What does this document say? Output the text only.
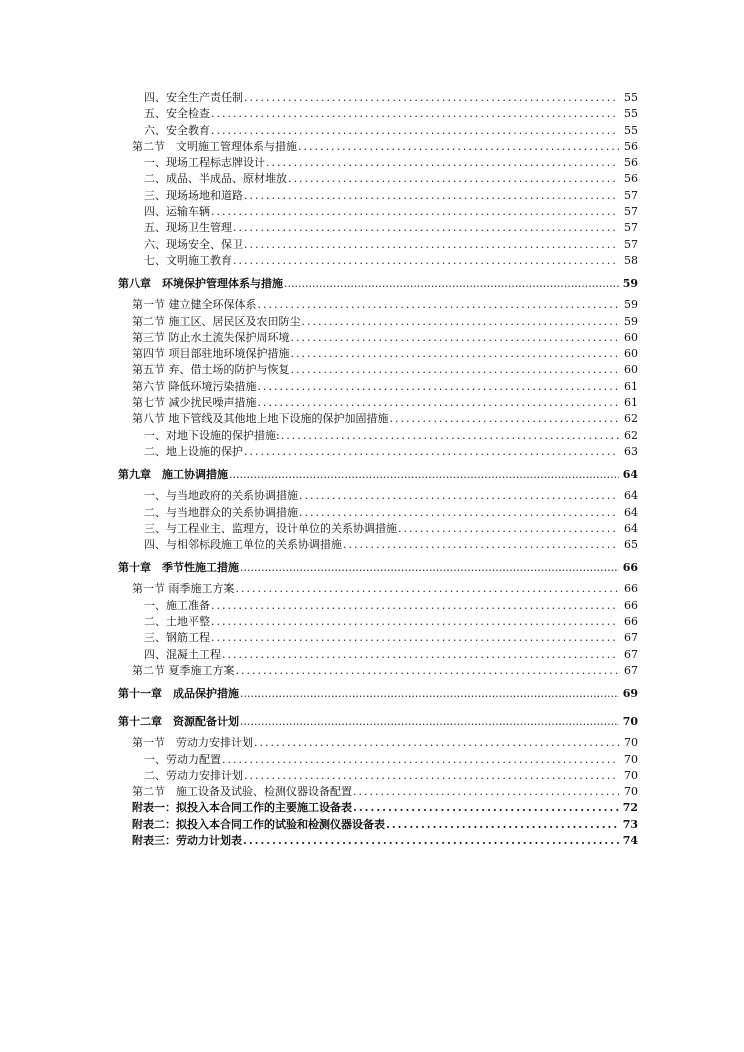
四、安全生产责任制 .....	55
五、安全检查 .....	55
六、安全教育 .....	55
第二节　文明施工管理体系与措施 .....	56
一、现场工程标志牌设计 .....	56
二、成品、半成品、原材堆放 .....	56
三、现场场地和道路 .....	57
四、运输车辆 .....	57
五、现场卫生管理 .....	57
六、现场安全、保卫 .....	57
七、文明施工教育 .....	58
第八章　环境保护管理体系与措施 .....	59
第一节 建立健全环保体系 .....	59
第二节 施工区、居民区及农田防尘 .....	59
第三节 防止水土流失保护周环境 .....	60
第四节 项目部驻地环境保护措施 .....	60
第五节 弃、借土场的防护与恢复 .....	60
第六节 降低环境污染措施 .....	61
第七节 减少扰民噪声措施 .....	61
第八节 地下管线及其他地上地下设施的保护加固措施 .....	62
一、对地下设施的保护措施: .....	62
二、地上设施的保护 .....	63
第九章　施工协调措施 .....	64
一、与当地政府的关系协调措施 .....	64
二、与当地群众的关系协调措施 .....	64
三、与工程业主、监理方，设计单位的关系协调措施 .....	64
四、与相邻标段施工单位的关系协调措施 .....	65
第十章　季节性施工措施 .....	66
第一节 雨季施工方案 .....	66
一、施工准备 .....	66
二、土地平整 .....	66
三、钢筋工程 .....	67
四、混凝土工程 .....	67
第二节 夏季施工方案 .....	67
第十一章　成品保护措施 .....	69
第十二章　资源配备计划 .....	70
第一节　劳动力安排计划 .....	70
一、劳动力配置 .....	70
二、劳动力安排计划 .....	70
第二节　施工设备及试验、检测仪器设备配置 .....	70
附表一：拟投入本合同工作的主要施工设备表 .....	72
附表二：拟投入本合同工作的试验和检测仪器设备表 .....	73
附表三：劳动力计划表 .....	74
